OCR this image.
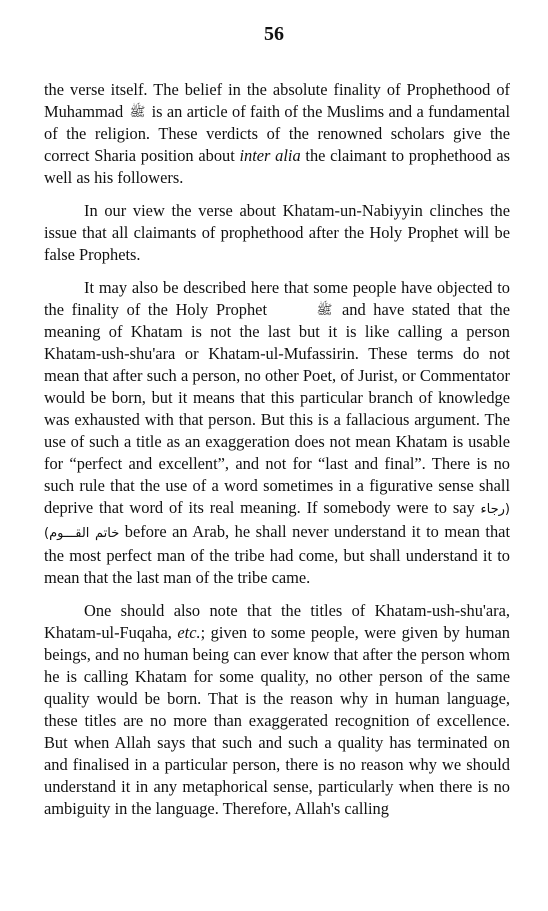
56

the verse itself. The belief in the absolute finality of Prophethood of Muhammad ﷺ is an article of faith of the Muslims and a fundamental of the religion. These verdicts of the renowned scholars give the correct Sharia position about inter alia the claimant to prophethood as well as his followers.

In our view the verse about Khatam-un-Nabiyyin clinches the issue that all claimants of prophethood after the Holy Prophet will be false Prophets.

It may also be described here that some people have objected to the finality of the Holy Prophet	ﷺ and have stated that the meaning of Khatam is not the last but it is like calling a person Khatam-ush-shu'ara or Khatam-ul-Mufassirin. These terms do not mean that after such a person, no other Poet, of Jurist, or Commentator would be born, but it means that this particular branch of knowledge was exhausted with that person. But this is a fallacious argument. The use of such a title as an exaggeration does not mean Khatam is usable for “perfect and excellent”, and not for “last and final”. There is no such rule that the use of a word sometimes in a figurative sense shall deprive that word of its real meaning. If somebody were to say (رجاء خاتم القـــوم) before an Arab, he shall never understand it to mean that the most perfect man of the tribe had come, but shall understand it to mean that the last man of the tribe came.

One should also note that the titles of Khatam-ush-shu'ara, Khatam-ul-Fuqaha, etc.; given to some people, were given by human beings, and no human being can ever know that after the person whom he is calling Khatam for some quality, no other person of the same quality would be born. That is the reason why in human language, these titles are no more than exaggerated recognition of excellence. But when Allah says that such and such a quality has terminated on and finalised in a particular person, there is no reason why we should understand it in any metaphorical sense, particularly when there is no ambiguity in the language. Therefore, Allah's calling
